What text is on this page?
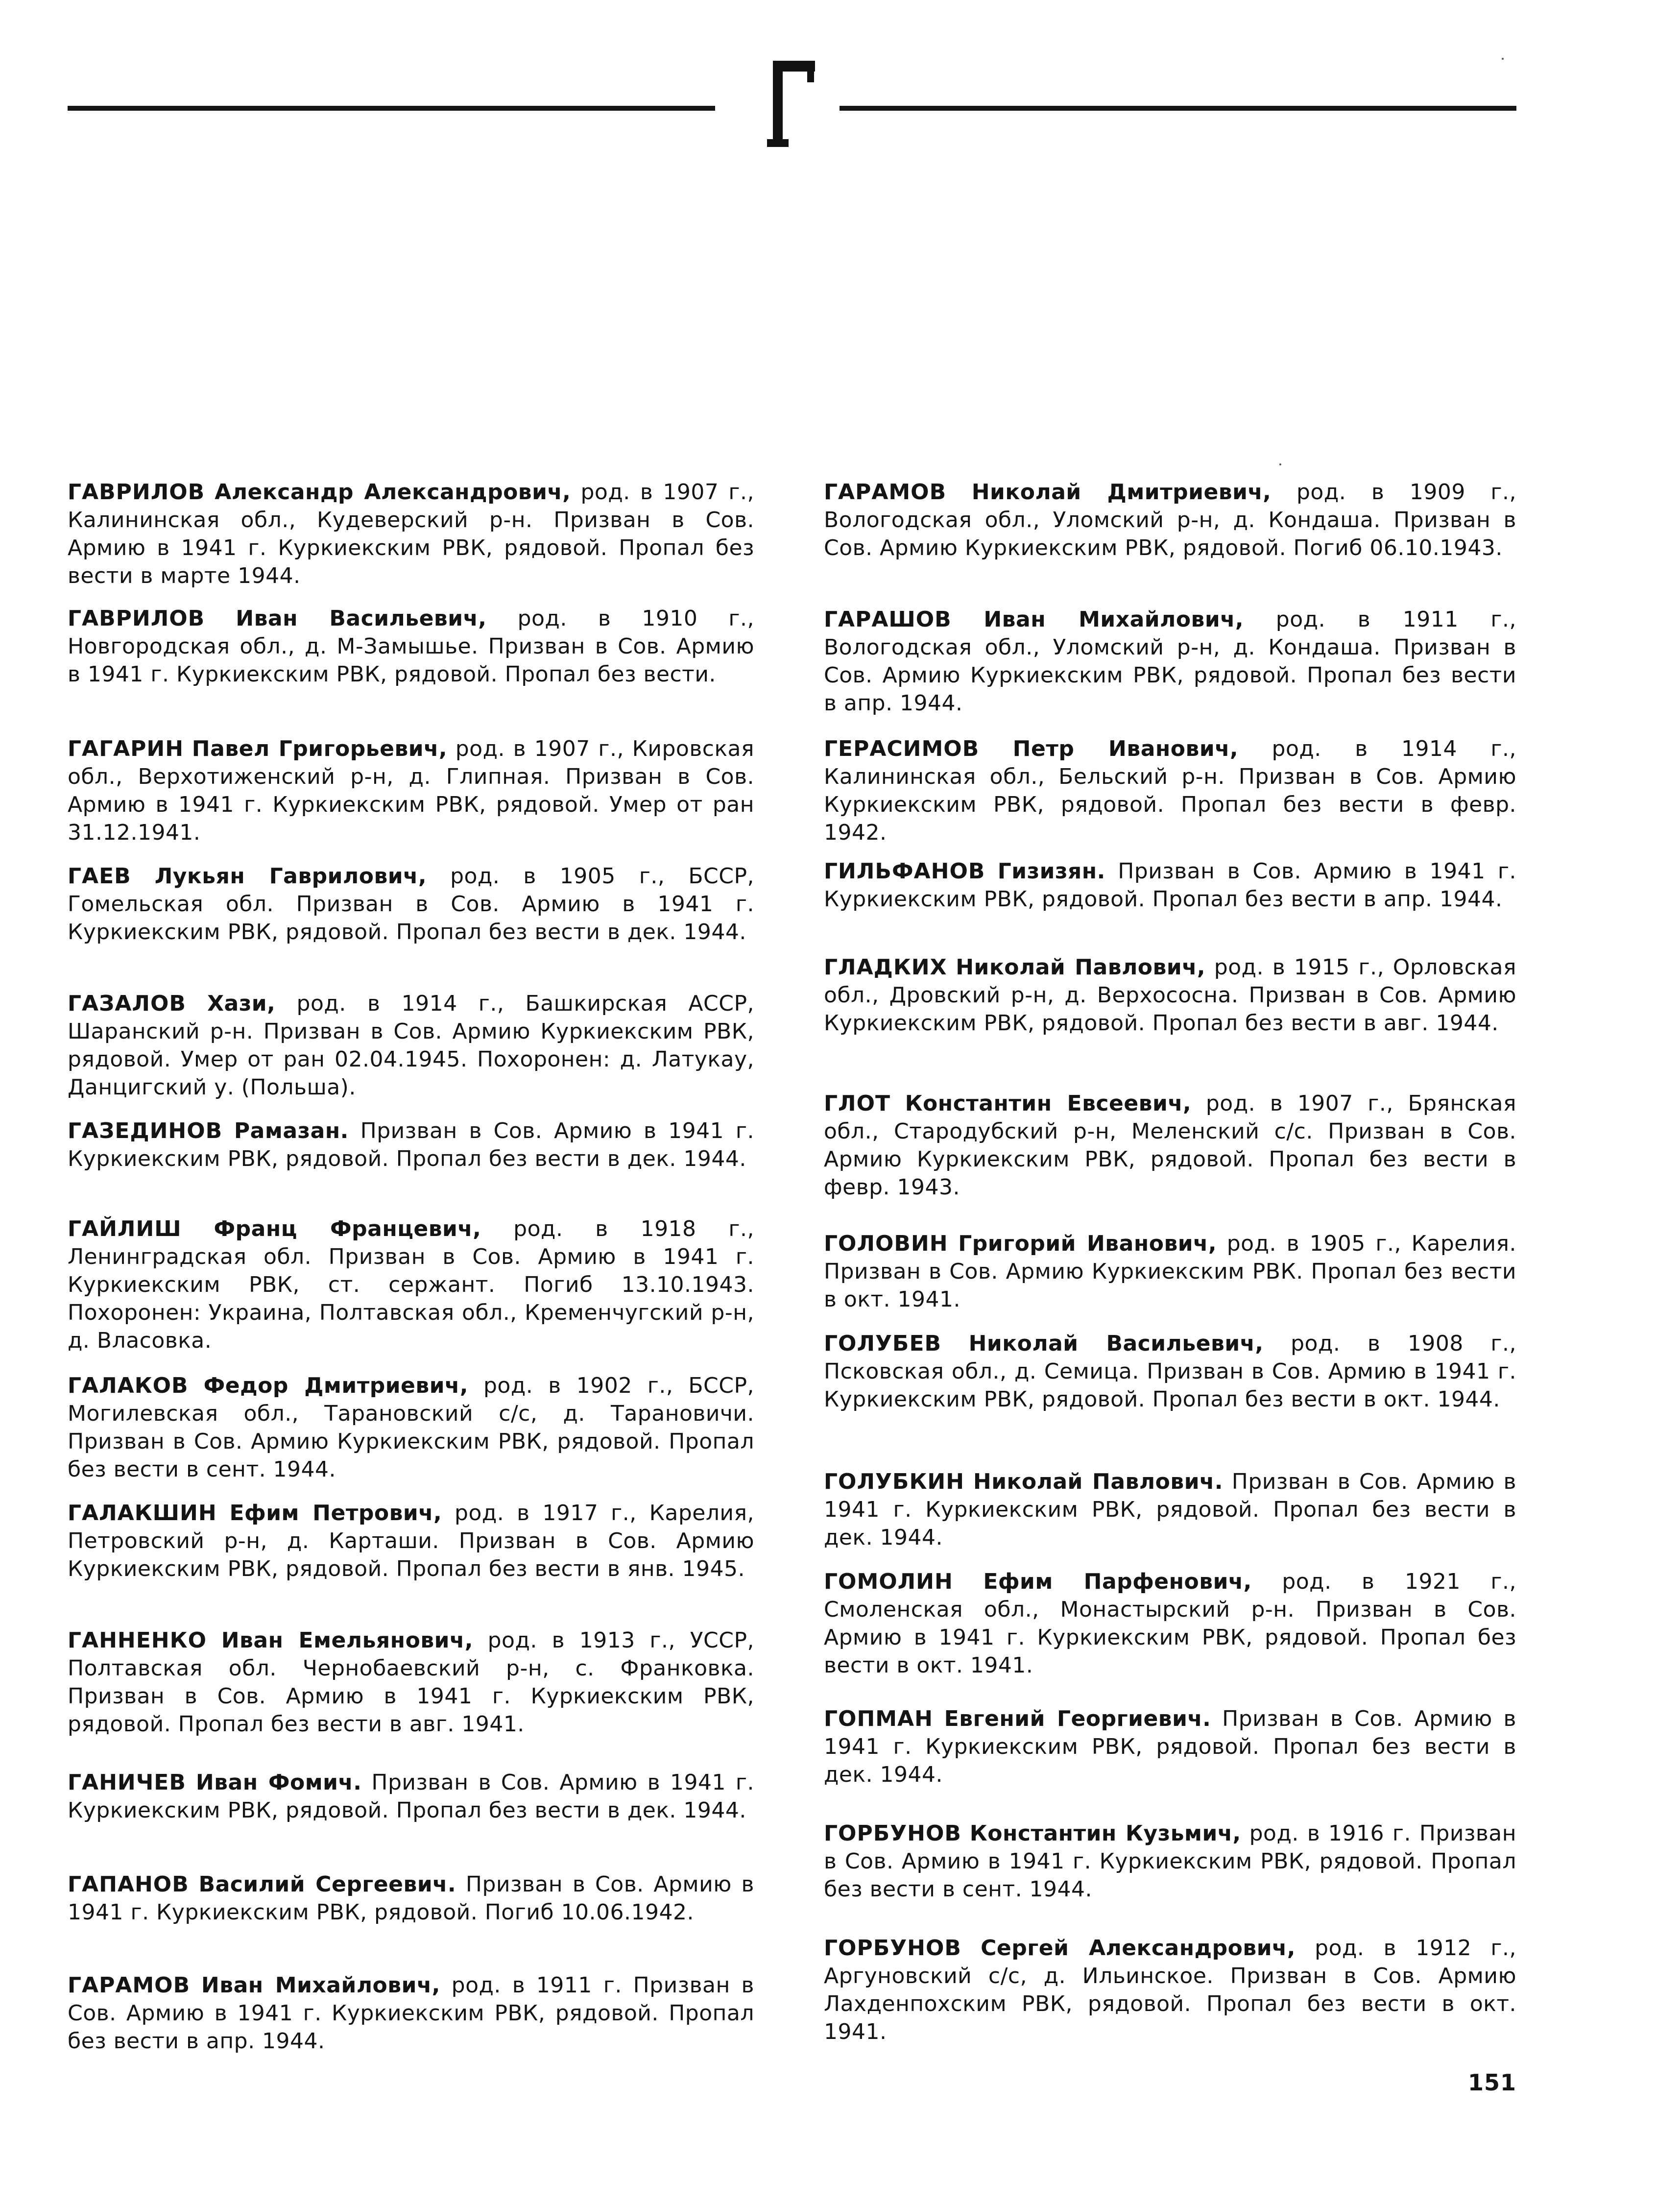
ГАВРИЛОВ Александр Александрович, род. в 1907 г., Калининская обл., Кудеверский р-н. Призван в Сов. Армию в 1941 г. Куркиекским РВК, рядовой. Пропал без вести в марте 1944.
ГАВРИЛОВ Иван Васильевич, род. в 1910 г., Новгородская обл., д. М-Замышье. Призван в Сов. Армию в 1941 г. Куркиекским РВК, рядовой. Пропал без вести.
ГАГАРИН Павел Григорьевич, род. в 1907 г., Кировская обл., Верхотиженский р-н, д. Глипная. Призван в Сов. Армию в 1941 г. Куркиекским РВК, рядовой. Умер от ран 31.12.1941.
ГАЕВ Лукьян Гаврилович, род. в 1905 г., БССР, Гомельская обл. Призван в Сов. Армию в 1941 г. Куркиекским РВК, рядовой. Пропал без вести в дек. 1944.
ГАЗАЛОВ Хази, род. в 1914 г., Башкирская АССР, Шаранский р-н. Призван в Сов. Армию Куркиекским РВК, рядовой. Умер от ран 02.04.1945. Похоронен: д. Латукау, Данцигский у. (Польша).
ГАЗЕДИНОВ Рамазан. Призван в Сов. Армию в 1941 г. Куркиекским РВК, рядовой. Пропал без вести в дек. 1944.
ГАЙЛИШ Франц Францевич, род. в 1918 г., Ленинградская обл. Призван в Сов. Армию в 1941 г. Куркиекским РВК, ст. сержант. Погиб 13.10.1943. Похоронен: Украина, Полтавская обл., Кременчугский р-н, д. Власовка.
ГАЛАКОВ Федор Дмитриевич, род. в 1902 г., БССР, Могилевская обл., Тарановский с/с, д. Тарановичи. Призван в Сов. Армию Куркиекским РВК, рядовой. Пропал без вести в сент. 1944.
ГАЛАКШИН Ефим Петрович, род. в 1917 г., Карелия, Петровский р-н, д. Карташи. Призван в Сов. Армию Куркиекским РВК, рядовой. Пропал без вести в янв. 1945.
ГАННЕНКО Иван Емельянович, род. в 1913 г., УССР, Полтавская обл. Чернобаевский р-н, с. Франковка. Призван в Сов. Армию в 1941 г. Куркиекским РВК, рядовой. Пропал без вести в авг. 1941.
ГАНИЧЕВ Иван Фомич. Призван в Сов. Армию в 1941 г. Куркиекским РВК, рядовой. Пропал без вести в дек. 1944.
ГАПАНОВ Василий Сергеевич. Призван в Сов. Армию в 1941 г. Куркиекским РВК, рядовой. Погиб 10.06.1942.
ГАРАМОВ Иван Михайлович, род. в 1911 г. Призван в Сов. Армию в 1941 г. Куркиекским РВК, рядовой. Пропал без вести в апр. 1944.
ГАРАМОВ Николай Дмитриевич, род. в 1909 г., Вологодская обл., Уломский р-н, д. Кондаша. Призван в Сов. Армию Куркиекским РВК, рядовой. Погиб 06.10.1943.
ГАРАШОВ Иван Михайлович, род. в 1911 г., Вологодская обл., Уломский р-н, д. Кондаша. Призван в Сов. Армию Куркиекским РВК, рядовой. Пропал без вести в апр. 1944.
ГЕРАСИМОВ Петр Иванович, род. в 1914 г., Калининская обл., Бельский р-н. Призван в Сов. Армию Куркиекским РВК, рядовой. Пропал без вести в февр. 1942.
ГИЛЬФАНОВ Гизизян. Призван в Сов. Армию в 1941 г. Куркиекским РВК, рядовой. Пропал без вести в апр. 1944.
ГЛАДКИХ Николай Павлович, род. в 1915 г., Орловская обл., Дровский р-н, д. Верхососна. Призван в Сов. Армию Куркиекским РВК, рядовой. Пропал без вести в авг. 1944.
ГЛОТ Константин Евсеевич, род. в 1907 г., Брянская обл., Стародубский р-н, Меленский с/с. Призван в Сов. Армию Куркиекским РВК, рядовой. Пропал без вести в февр. 1943.
ГОЛОВИН Григорий Иванович, род. в 1905 г., Карелия. Призван в Сов. Армию Куркиекским РВК. Пропал без вести в окт. 1941.
ГОЛУБЕВ Николай Васильевич, род. в 1908 г., Псковская обл., д. Семица. Призван в Сов. Армию в 1941 г. Куркиекским РВК, рядовой. Пропал без вести в окт. 1944.
ГОЛУБКИН Николай Павлович. Призван в Сов. Армию в 1941 г. Куркиекским РВК, рядовой. Пропал без вести в дек. 1944.
ГОМОЛИН Ефим Парфенович, род. в 1921 г., Смоленская обл., Монастырский р-н. Призван в Сов. Армию в 1941 г. Куркиекским РВК, рядовой. Пропал без вести в окт. 1941.
ГОПМАН Евгений Георгиевич. Призван в Сов. Армию в 1941 г. Куркиекским РВК, рядовой. Пропал без вести в дек. 1944.
ГОРБУНОВ Константин Кузьмич, род. в 1916 г. Призван в Сов. Армию в 1941 г. Куркиекским РВК, рядовой. Пропал без вести в сент. 1944.
ГОРБУНОВ Сергей Александрович, род. в 1912 г., Аргуновский с/с, д. Ильинское. Призван в Сов. Армию Лахденпохским РВК, рядовой. Пропал без вести в окт. 1941.
151
